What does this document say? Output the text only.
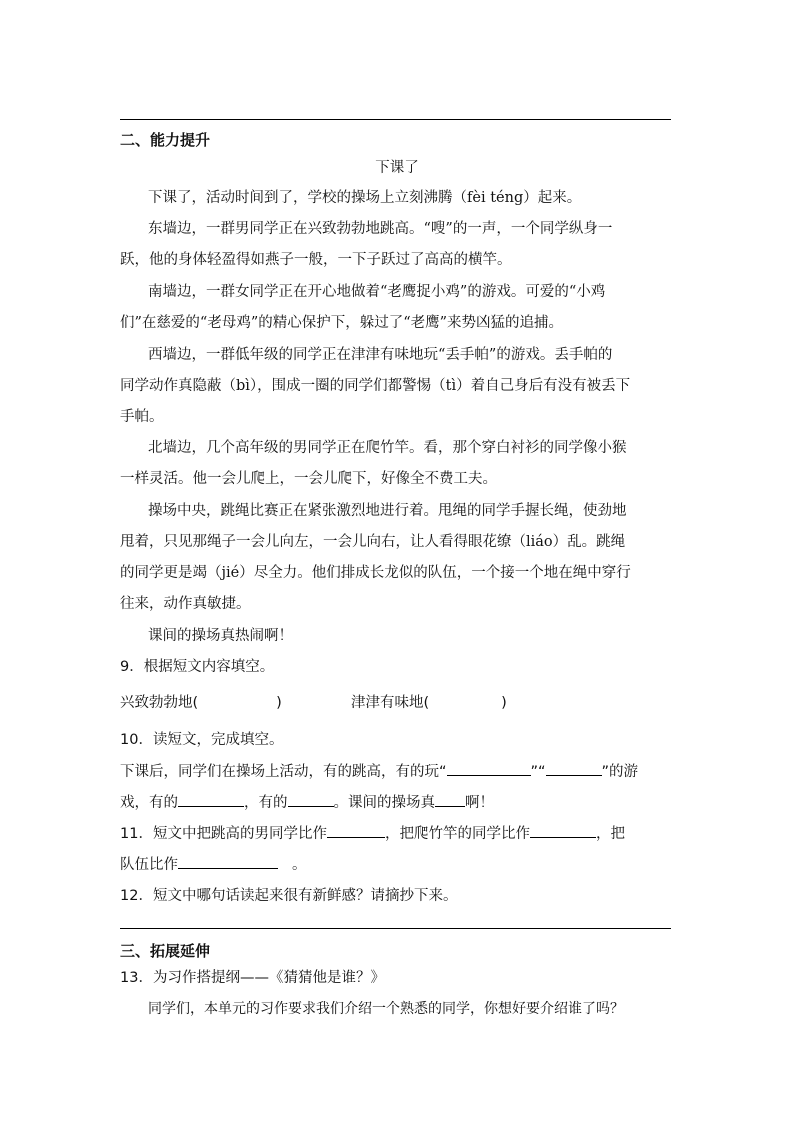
二、能力提升
下课了
下课了，活动时间到了，学校的操场上立刻沸腾（fèi téng）起来。
东墙边，一群男同学正在兴致勃勃地跳高。“嗖”的一声，一个同学纵身一
跃，他的身体轻盈得如燕子一般，一下子跃过了高高的横竿。
南墙边，一群女同学正在开心地做着“老鹰捉小鸡”的游戏。可爱的“小鸡
们”在慈爱的“老母鸡”的精心保护下，躲过了“老鹰”来势凶猛的追捕。
西墙边，一群低年级的同学正在津津有味地玩“丢手帕”的游戏。丢手帕的
同学动作真隐蔽（bì），围成一圈的同学们都警惕（tì）着自己身后有没有被丢下
手帕。
北墙边，几个高年级的男同学正在爬竹竿。看，那个穿白衬衫的同学像小猴
一样灵活。他一会儿爬上，一会儿爬下，好像全不费工夫。
操场中央，跳绳比赛正在紧张激烈地进行着。甩绳的同学手握长绳，使劲地
甩着，只见那绳子一会儿向左，一会儿向右，让人看得眼花缭（liáo）乱。跳绳
的同学更是竭（jié）尽全力。他们排成长龙似的队伍，一个接一个地在绳中穿行
往来，动作真敏捷。
课间的操场真热闹啊！
9．根据短文内容填空。
兴致勃勃地(	)	津津有味地(	)
10．读短文，完成填空。
下课后，同学们在操场上活动，有的跳高，有的玩“	”“	”的游
戏，有的	，有的	。课间的操场真 啊！
11．短文中把跳高的男同学比作	，把爬竹竿的同学比作	，把
队伍比作	。
12．短文中哪句话读起来很有新鲜感？请摘抄下来。
三、拓展延伸
13．为习作搭提纲——《猜猜他是谁？》
同学们，本单元的习作要求我们介绍一个熟悉的同学，你想好要介绍谁了吗？
